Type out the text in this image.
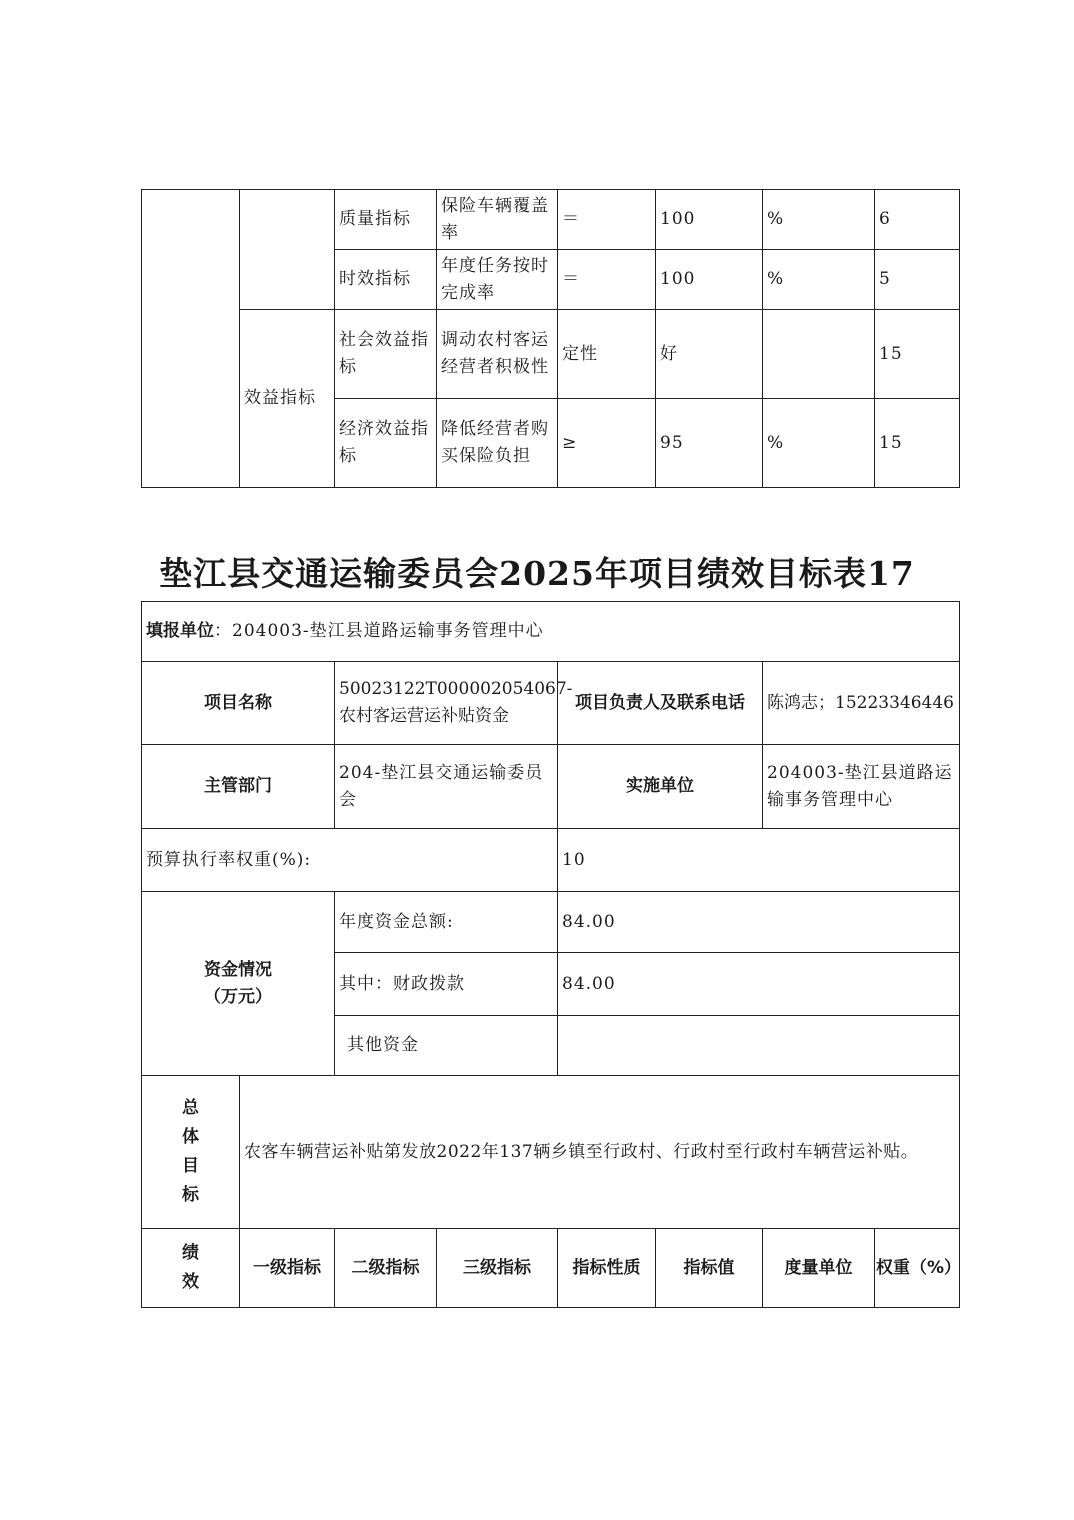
		质量指标	保险车辆覆盖率	＝	100	%	6
		时效指标	年度任务按时完成率	＝	100	%	5
	效益指标	社会效益指标	调动农村客运经营者积极性	定性	好		15
		经济效益指标	降低经营者购买保险负担	≥	95	%	15
垫江县交通运输委员会2025年项目绩效目标表17
填报单位：204003-垫江县道路运输事务管理中心							
项目名称		50023122T000002054067-农村客运营运补贴资金		项目负责人及联系电话		陈鸿志；15223346446	
主管部门		204-垫江县交通运输委员会		实施单位		204003-垫江县道路运输事务管理中心	
预算执行率权重(%):				10			

资金情况
（万元）		年度资金总额:		84.00			
		其中：财政拨款		84.00			
		其他资金					

总
体
目
标	农客车辆营运补贴第发放2022年137辆乡镇至行政村、行政村至行政村车辆营运补贴。						

绩
效	一级指标	二级指标	三级指标	指标性质	指标值	度量单位	权重（%）
